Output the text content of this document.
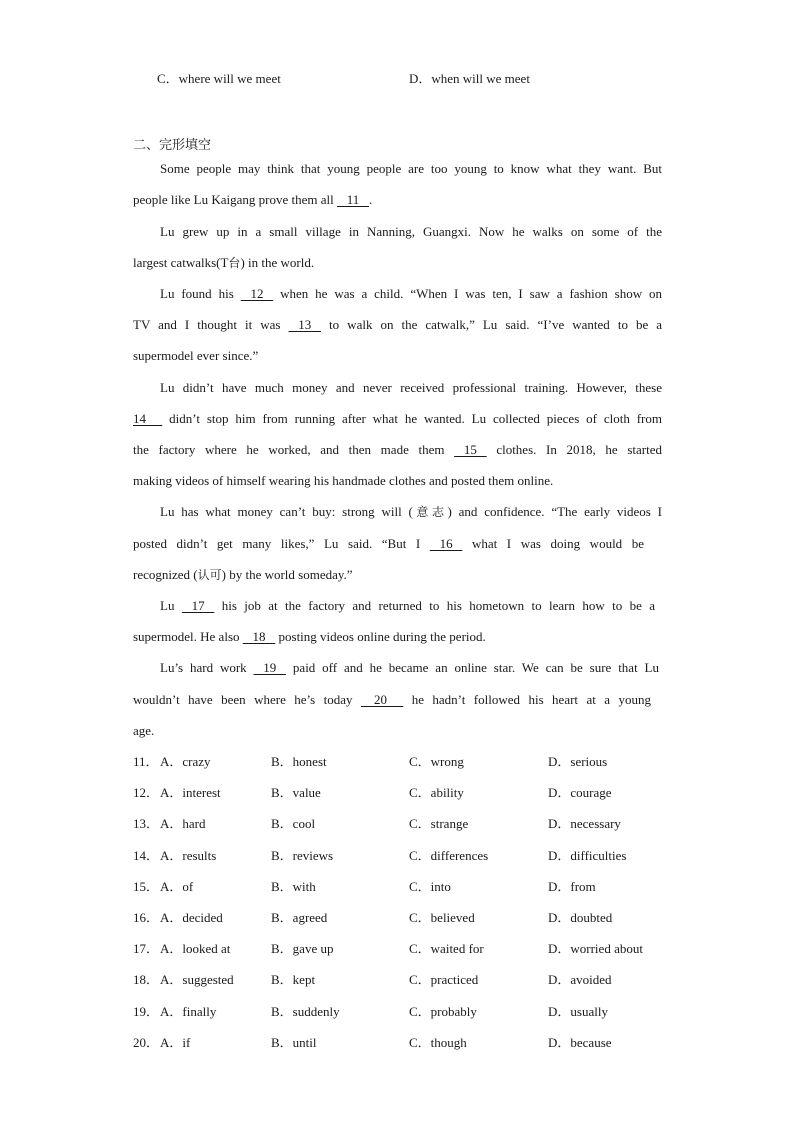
C．where will we meet	D．when will we meet
二、完形填空
Some people may think that young people are too young to know what they want. But
people like Lu Kaigang prove them all    11   .
Lu grew up in a small village in Nanning, Guangxi. Now he walks on some of the
largest catwalks(T台) in the world.
Lu found his    12    when he was a child. “When I was ten, I saw a fashion show on
TV and I thought it was    13    to walk on the catwalk,” Lu said. “I’ve wanted to be a
supermodel ever since.”
Lu didn’t have much money and never received professional training. However, these
14      didn’t stop him from running after what he wanted. Lu collected pieces of cloth from
the factory where he worked, and then made them    15    clothes. In 2018, he started
making videos of himself wearing his handmade clothes and posted them online.
Lu has what money can’t buy: strong will (意志) and confidence. “The early videos I
posted didn’t get many likes,” Lu said. “But I    16    what I was doing would be
recognized (认可) by the world someday.”
Lu    17    his job at the factory and returned to his hometown to learn how to be a
supermodel. He also    18    posting videos online during the period.
Lu’s hard work    19    paid off and he became an online star. We can be sure that Lu
wouldn’t have been where he’s today     20      he hadn’t followed his heart at a young
age.
11． A．crazy	B．honest	C．wrong	D．serious
12． A．interest	B．value	C．ability	D．courage
13． A．hard	B．cool	C．strange	D．necessary
14． A．results	B．reviews	C．differences	D．difficulties
15． A．of	B．with	C．into	D．from
16． A．decided	B．agreed	C．believed	D．doubted
17． A．looked at	B．gave up	C．waited for	D．worried about
18． A．suggested	B．kept	C．practiced	D．avoided
19． A．finally	B．suddenly	C．probably	D．usually
20． A．if	B．until	C．though	D．because
